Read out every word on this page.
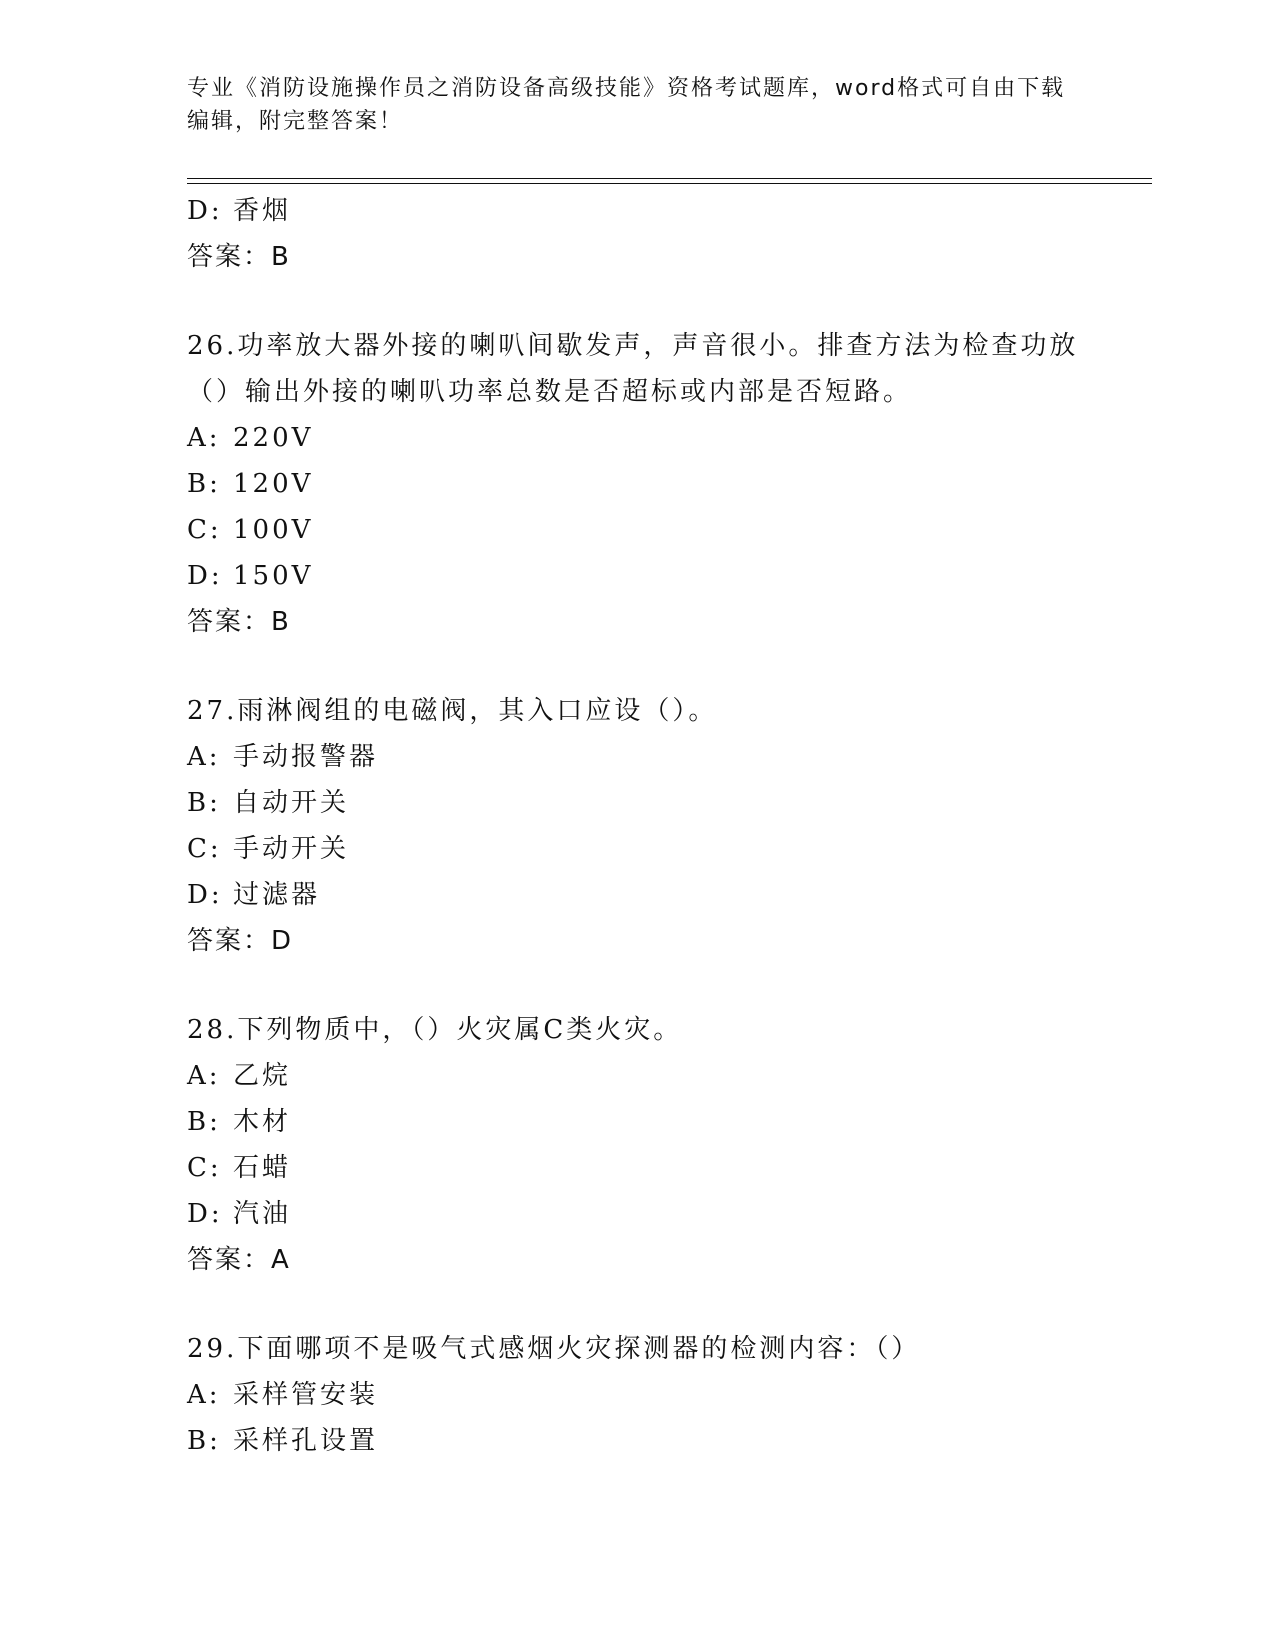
专业《消防设施操作员之消防设备高级技能》资格考试题库，word格式可自由下载编辑，附完整答案！
D: 香烟
答案：B
26.功率放大器外接的喇叭间歇发声，声音很小。排查方法为检查功放（）输出外接的喇叭功率总数是否超标或内部是否短路。
A: 220V
B: 120V
C: 100V
D: 150V
答案：B
27.雨淋阀组的电磁阀，其入口应设（）。
A: 手动报警器
B: 自动开关
C: 手动开关
D: 过滤器
答案：D
28.下列物质中，（）火灾属C类火灾。
A: 乙烷
B: 木材
C: 石蜡
D: 汽油
答案：A
29.下面哪项不是吸气式感烟火灾探测器的检测内容：（）
A: 采样管安装
B: 采样孔设置
